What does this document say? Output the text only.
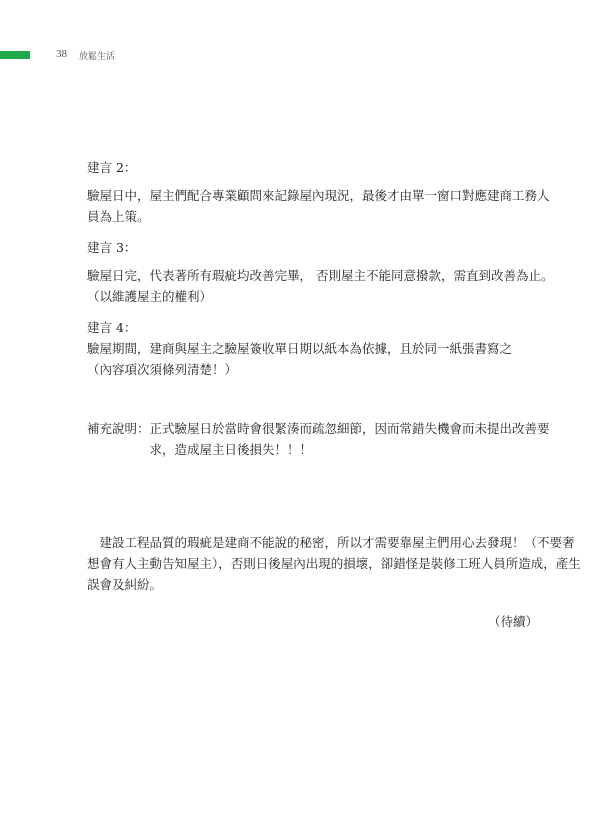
38 放鬆生活

建言 2：

驗屋日中，屋主們配合專業顧問來記錄屋內現況，最後才由單一窗口對應建商工務人
員為上策。

建言 3：

驗屋日完，代表著所有瑕疵均改善完畢， 否則屋主不能同意撥款，需直到改善為止。
（以維護屋主的權利）

建言 4：

驗屋期間，建商與屋主之驗屋簽收單日期以紙本為依據，且於同一紙張書寫之
（內容項次須條列清楚！）

補充說明： 正式驗屋日於當時會很緊湊而疏忽細節，因而常錯失機會而未提出改善要
求，造成屋主日後損失！！！
　建設工程品質的瑕疵是建商不能說的秘密，所以才需要靠屋主們用心去發現！（不要奢
想會有人主動告知屋主），否則日後屋內出現的損壞，卻錯怪是裝修工班人員所造成，產生
誤會及糾紛。
（待續）
